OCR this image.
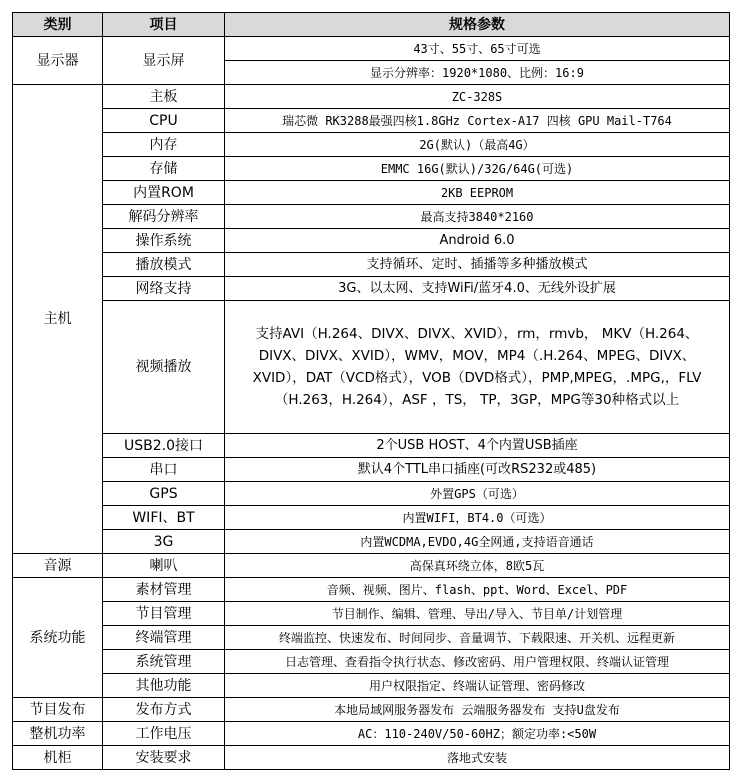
类别	项目	规格参数
显示器	显示屏	43寸、55寸、65寸可选
		显示分辨率：1920*1080、比例：16:9
主机	主板	ZC-328S
	CPU	瑞芯微 RK3288最强四核1.8GHz Cortex-A17 四核 GPU Mail-T764
	内存	2G(默认)（最高4G）
	存储	EMMC 16G(默认)/32G/64G(可选)
	内置ROM	2KB EEPROM
	解码分辨率	最高支持3840*2160
	操作系统	Android 6.0
	播放模式	支持循环、定时、插播等多种播放模式
	网络支持	3G、以太网、支持WiFi/蓝牙4.0、无线外设扩展
	视频播放	支持AVI（H.264、DIVX、DIVX、XVID），rm，rmvb， MKV（H.264、DIVX、DIVX、XVID），WMV，MOV，MP4（.H.264、MPEG、DIVX、XVID），DAT（VCD格式），VOB（DVD格式），PMP,MPEG，.MPG,，FLV（H.263，H.264），ASF ，TS， TP，3GP，MPG等30种格式以上
	USB2.0接口	2个USB HOST、4个内置USB插座
	串口	默认4个TTL串口插座(可改RS232或485)
	GPS	外置GPS（可选）
	WIFI、BT	内置WIFI，BT4.0（可选）
	3G	内置WCDMA,EVDO,4G全网通,支持语音通话
音源	喇叭	高保真环绕立体，8欧5瓦
系统功能	素材管理	音频、视频、图片、flash、ppt、Word、Excel、PDF
	节目管理	节目制作、编辑、管理、导出/导入、节目单/计划管理
	终端管理	终端监控、快速发布、时间同步、音量调节、下载限速、开关机、远程更新
	系统管理	日志管理、查看指令执行状态、修改密码、用户管理权限、终端认证管理
	其他功能	用户权限指定、终端认证管理、密码修改
节目发布	发布方式	本地局域网服务器发布 云端服务器发布 支持U盘发布
整机功率	工作电压	AC：110-240V/50-60HZ；额定功率:<50W
机柜	安装要求	落地式安装
